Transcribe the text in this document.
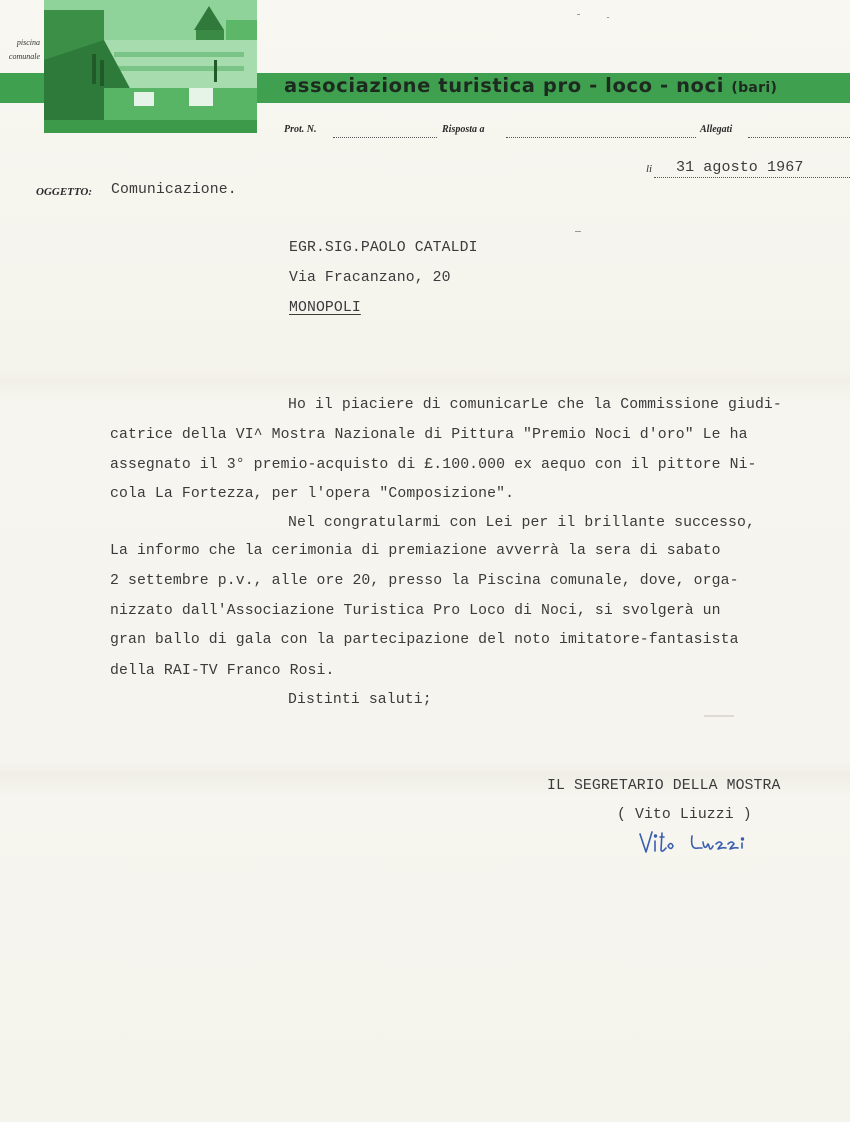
piscina
comunale
associazione turistica pro - loco - noci (bari)
Prot. N.	Risposta a	Allegati
li 31 agosto 1967
OGGETTO: Comunicazione.
EGR.SIG.PAOLO CATALDI
Via Fracanzano, 20
MONOPOLI
Ho il piaciere di comunicarLe che la Commissione giudi-
catrice della VI^ Mostra Nazionale di Pittura "Premio Noci d'oro" Le ha
assegnato il 3° premio-acquisto di £.100.000 ex aequo con il pittore Ni-
cola La Fortezza, per l'opera "Composizione".
Nel congratularmi con Lei per il brillante successo,
La informo che la cerimonia di premiazione avverrà la sera di sabato
2 settembre p.v., alle ore 20, presso la Piscina comunale, dove, orga-
nizzato dall'Associazione Turistica Pro Loco di Noci, si svolgerà un
gran ballo di gala con la partecipazione del noto imitatore-fantasista
della RAI-TV Franco Rosi.
Distinti saluti;
IL SEGRETARIO DELLA MOSTRA
( Vito Liuzzi )
